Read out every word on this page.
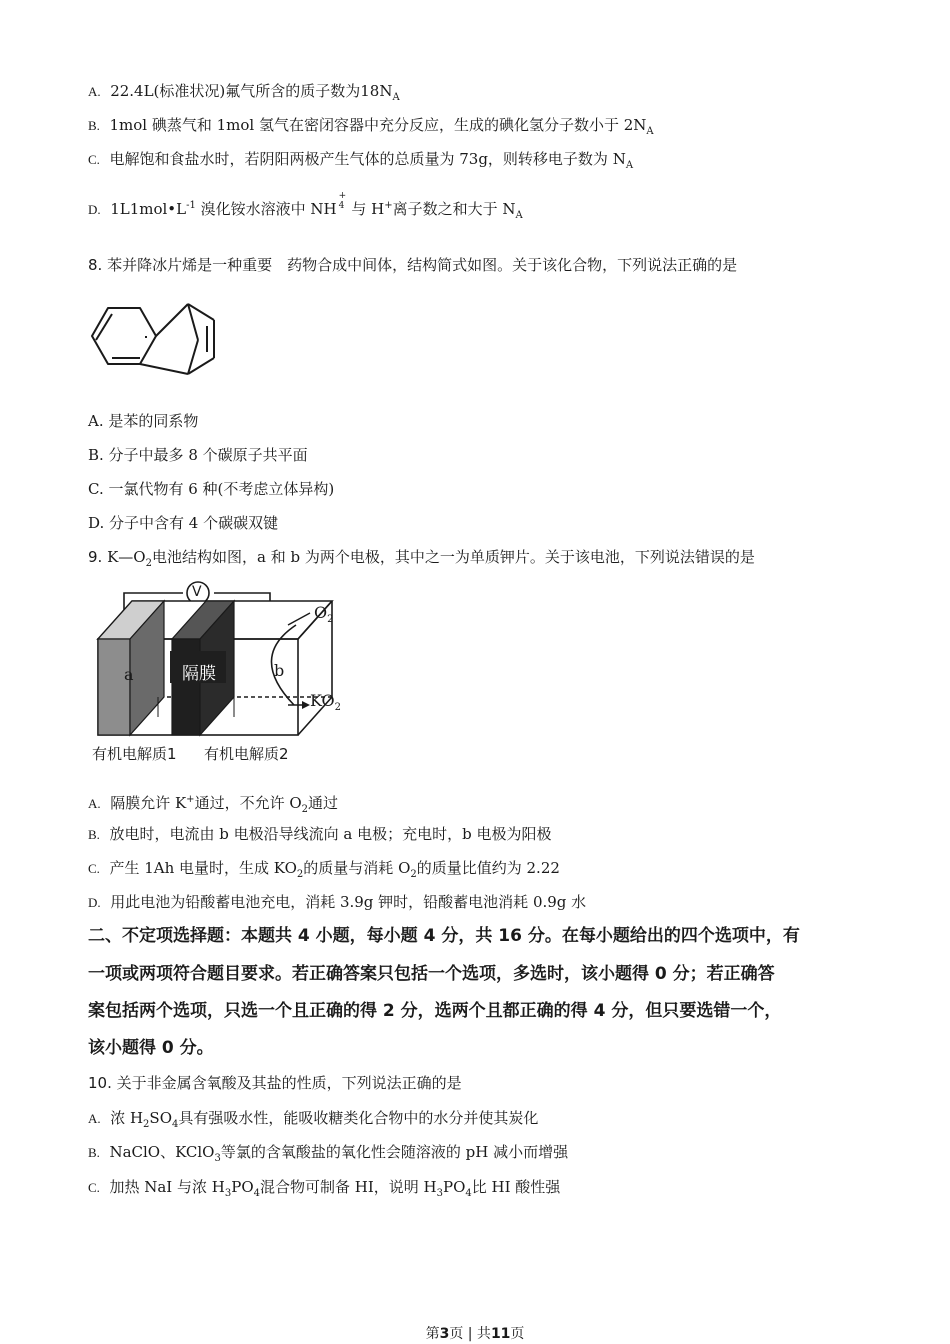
A. 22.4L(标准状况)氟气所含的质子数为$18N_A$
B. 1mol 碘蒸气和 1mol 氢气在密闭容器中充分反应，生成的碘化氢分子数小于 $2N_A$
C. 电解饱和食盐水时，若阴阳两极产生气体的总质量为 73g，则转移电子数为 $N_A$
D. $1L1mol•L^{-1}$ 溴化铵水溶液中 NH
+
4 与 H+离子数之和大于 $N_A$
8. 苯并降冰片烯是一种重要　药物合成中间体，结构简式如图。关于该化合物，下列说法正确的是
A. 是苯的同系物
B. 分子中最多 8 个碳原子共平面
C. 一氯代物有 6 种(不考虑立体异构)
D. 分子中含有 4 个碳碳双键
9. $K—O_2$电池结构如图，a 和 b 为两个电极，其中之一为单质钾片。关于该电池，下列说法错误的是
V
$O_2$
$KO_2$
a	b
隔膜
有机电解质1 有机电解质2
A. 隔膜允许 K+通过，不允许 $O_2$通过
B. 放电时，电流由 b 电极沿导线流向 a 电极；充电时，b 电极为阳极
C. 产生 1Ah 电量时，生成 $KO_2$的质量与消耗 $O_2$的质量比值约为 2.22
D. 用此电池为铅酸蓄电池充电，消耗 3.9g 钾时，铅酸蓄电池消耗 0.9g 水
二、不定项选择题：本题共 4 小题，每小题 4 分，共 16 分。在每小题给出的四个选项中，有
一项或两项符合题目要求。若正确答案只包括一个选项，多选时，该小题得 0 分；若正确答
案包括两个选项，只选一个且正确的得 2 分，选两个且都正确的得 4 分，但只要选错一个，
该小题得 0 分。
10. 关于非金属含氧酸及其盐的性质，下列说法正确的是
A. 浓 $H_2SO_4$具有强吸水性，能吸收糖类化合物中的水分并使其炭化
B. NaClO、KClO$_3$等氯的含氧酸盐的氧化性会随溶液的 pH 减小而增强
C. 加热 NaI 与浓 $H_3PO_4$混合物可制备 HI，说明 $H_3PO_4$比 HI 酸性强
第3页 | 共11页
